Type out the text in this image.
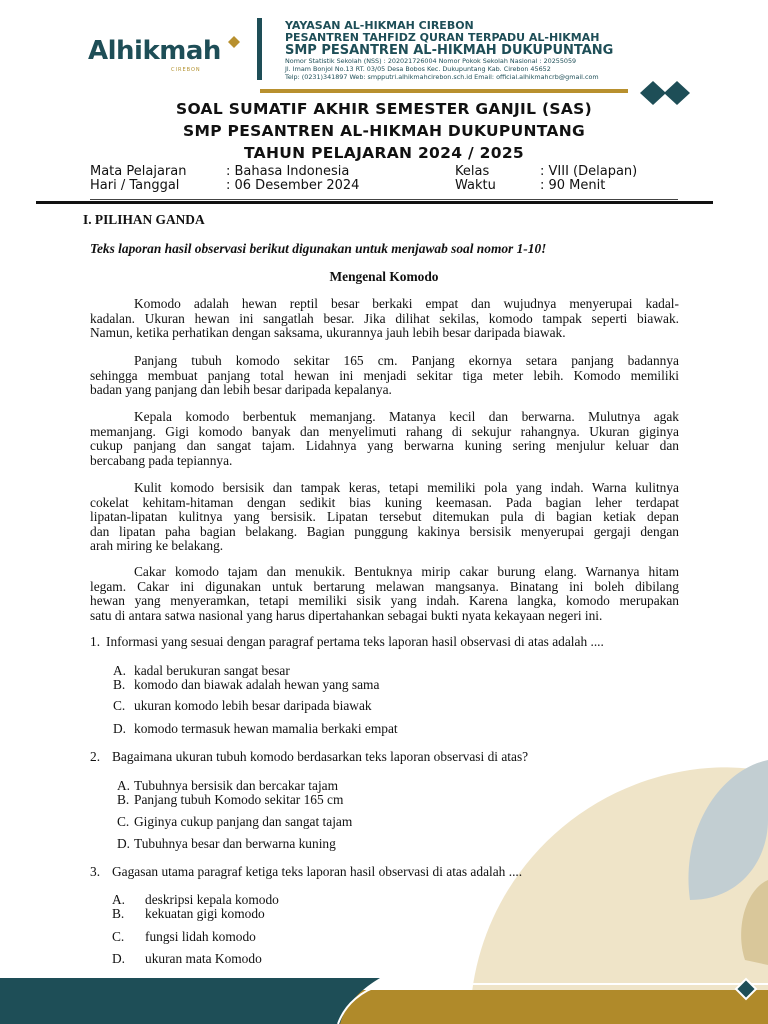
Alhikmah
CIREBON
YAYASAN AL-HIKMAH CIREBON
PESANTREN TAHFIDZ QURAN TERPADU AL-HIKMAH
SMP PESANTREN AL-HIKMAH DUKUPUNTANG
Nomor Statistik Sekolah (NSS) : 202021726004 Nomor Pokok Sekolah Nasional : 20255059
Jl. Imam Bonjol No.13 RT. 03/05 Desa Bobos Kec. Dukupuntang Kab. Cirebon 45652
Telp: (0231)341897 Web: smpputri.alhikmahcirebon.sch.id Email: official.alhikmahcrb@gmail.com
SOAL SUMATIF AKHIR SEMESTER GANJIL (SAS)
SMP PESANTREN AL-HIKMAH DUKUPUNTANG
TAHUN PELAJARAN 2024 / 2025
Mata Pelajaran	: Bahasa Indonesia	Kelas	: VIII (Delapan)
Hari / Tanggal	: 06 Desember 2024	Waktu	: 90 Menit
I. PILIHAN GANDA
Teks laporan hasil observasi berikut digunakan untuk menjawab soal nomor 1-10!
Mengenal Komodo
Komodo adalah hewan reptil besar berkaki empat dan wujudnya menyerupai kadal-
kadalan. Ukuran hewan ini sangatlah besar. Jika dilihat sekilas, komodo tampak seperti biawak.
Namun, ketika perhatikan dengan saksama, ukurannya jauh lebih besar daripada biawak.
Panjang tubuh komodo sekitar 165 cm. Panjang ekornya setara panjang badannya
sehingga membuat panjang total hewan ini menjadi sekitar tiga meter lebih. Komodo memiliki
badan yang panjang dan lebih besar daripada kepalanya.
Kepala komodo berbentuk memanjang. Matanya kecil dan berwarna. Mulutnya agak
memanjang. Gigi komodo banyak dan menyelimuti rahang di sekujur rahangnya. Ukuran giginya
cukup panjang dan sangat tajam. Lidahnya yang berwarna kuning sering menjulur keluar dan
bercabang pada tepiannya.
Kulit komodo bersisik dan tampak keras, tetapi memiliki pola yang indah. Warna kulitnya
cokelat kehitam-hitaman dengan sedikit bias kuning keemasan. Pada bagian leher terdapat
lipatan-lipatan kulitnya yang bersisik. Lipatan tersebut ditemukan pula di bagian ketiak depan
dan lipatan paha bagian belakang. Bagian punggung kakinya bersisik menyerupai gergaji dengan
arah miring ke belakang.
Cakar komodo tajam dan menukik. Bentuknya mirip cakar burung elang. Warnanya hitam
legam. Cakar ini digunakan untuk bertarung melawan mangsanya. Binatang ini boleh dibilang
hewan yang menyeramkan, tetapi memiliki sisik yang indah. Karena langka, komodo merupakan
satu di antara satwa nasional yang harus dipertahankan sebagai bukti nyata kekayaan negeri ini.
1. Informasi yang sesuai dengan paragraf pertama teks laporan hasil observasi di atas adalah ....
A. kadal berukuran sangat besar
B. komodo dan biawak adalah hewan yang sama
C. ukuran komodo lebih besar daripada biawak
D. komodo termasuk hewan mamalia berkaki empat
2. Bagaimana ukuran tubuh komodo berdasarkan teks laporan observasi di atas?
A. Tubuhnya bersisik dan bercakar tajam
B. Panjang tubuh Komodo sekitar 165 cm
C. Giginya cukup panjang dan sangat tajam
D. Tubuhnya besar dan berwarna kuning
3. Gagasan utama paragraf ketiga teks laporan hasil observasi di atas adalah ....
A. deskripsi kepala komodo
B. kekuatan gigi komodo
C. fungsi lidah komodo
D. ukuran mata Komodo
